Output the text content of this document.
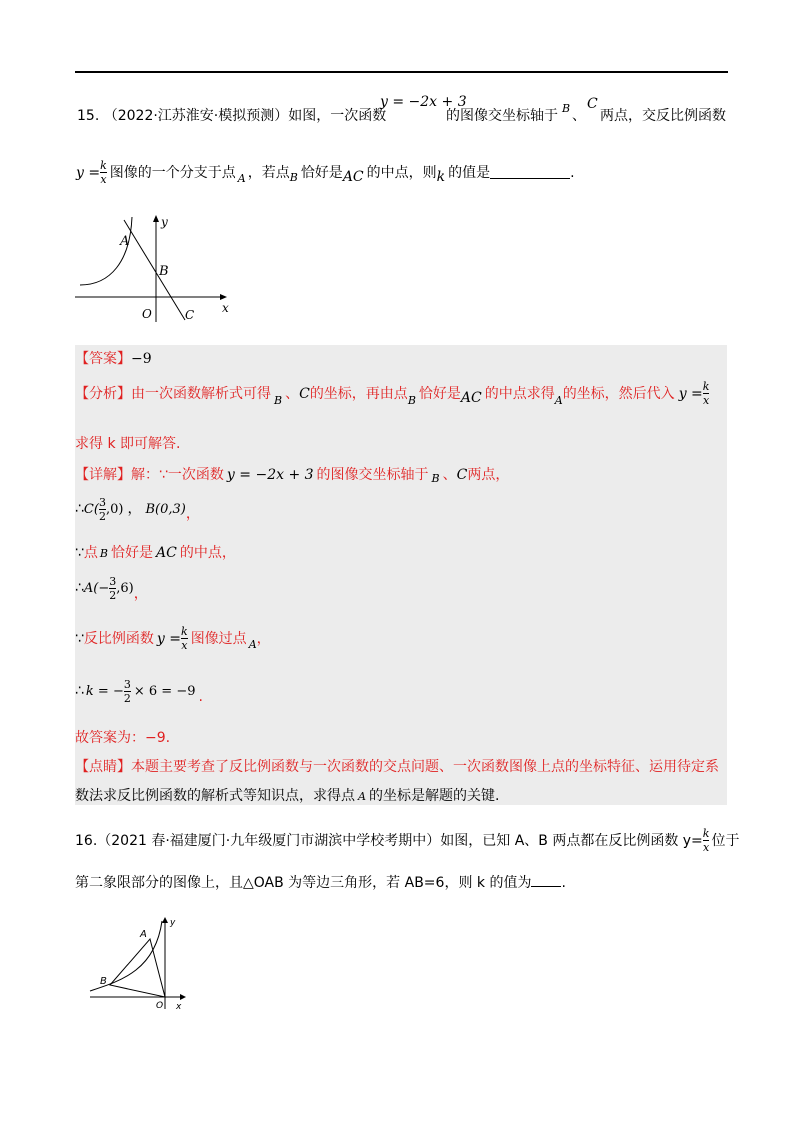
15. （2022·江苏淮安·模拟预测）如图，一次函数
y = −2x + 3
的图像交坐标轴于 B 、
C
两点，交反比例函数
$y = \frac{k}{x}$ 图像的一个分支于点 A ，若点 B 恰好是 AC 的中点，则 k 的值是	.
A
B
O	C x
y
【答案】−9
【分析】 由一次函数解析式可得 B 、 C 的坐标，再由点 B 恰好是 AC 的中点求得 A 的坐标，然后代入 $y = \frac{k}{x}$
求得 k 即可解答.
【详解】 解：∵一次函数 y = −2x + 3 的图像交坐标轴于 B 、 C 两点，
∴ $C( \frac{3}{2} ,0)$ ， B(0,3) ，
∵ 点 B 恰好是 AC 的中点，
∴ $A(- \frac{3}{2} ,6)$ ，
∵ 反比例函数 $y = \frac{k}{x}$ 图像过点 A ，
∴ k = − $\frac{3}{2} \times 6 = -9$ .
故答案为：−9.
【点睛】本题主要考查了反比例函数与一次函数的交点问题、一次函数图像上点的坐标特征、运用待定系
数法求反比例函数的解析式等知识点，求得点 A 的坐标是解题的关键.
16.（2021 春·福建厦门·九年级厦门市湖滨中学校考期中）如图，已知 A、B 两点都在反比例函数 $y= \frac{k}{x}$ 位于
第二象限部分的图像上，且△OAB 为等边三角形，若 AB=6，则 k 的值为 .
A
B
O x
y
